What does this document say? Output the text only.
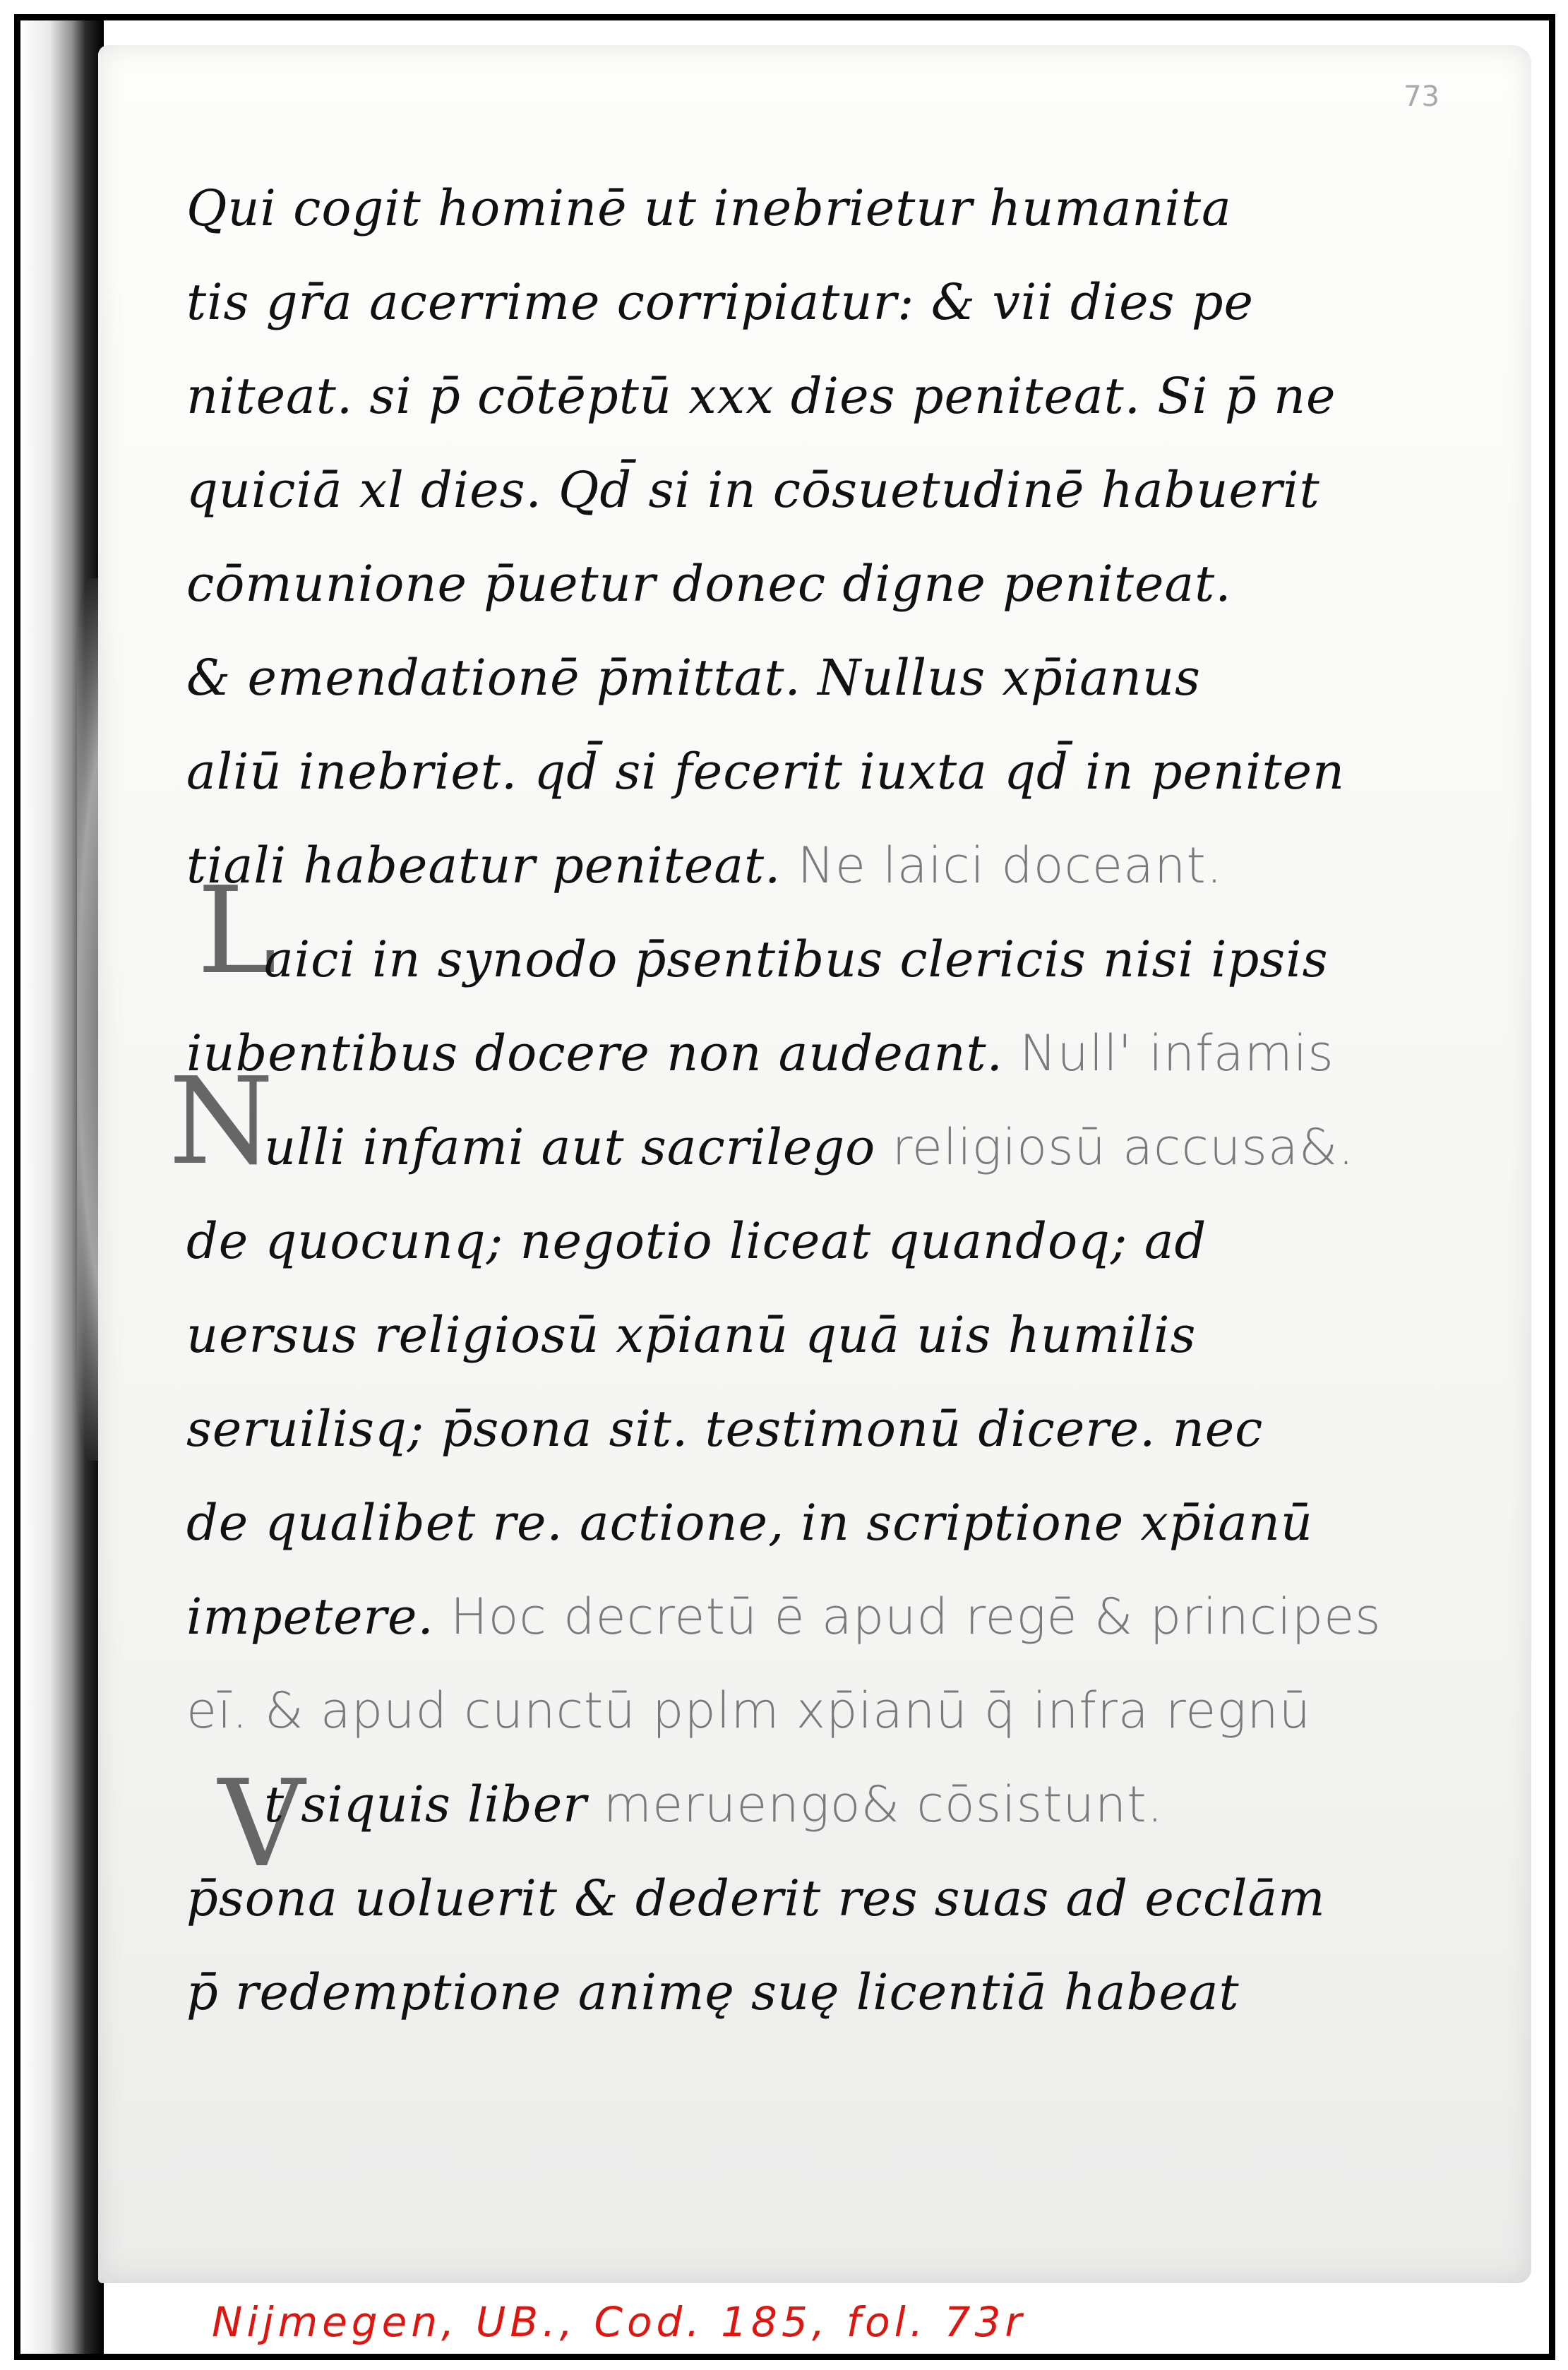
73
L
N
V
Qui cogit hominē ut inebrietur humanita
tis gr̄a acerrime corripiatur: & vii dies pe
niteat. si p̄ cōtēptū xxx dies peniteat. Si p̄ ne
quiciā xl dies. Qd̄ si in cōsuetudinē habuerit
cōmunione p̄uetur donec digne peniteat.
& emendationē p̄mittat. Nullus xp̄ianus
aliū inebriet. qd̄ si fecerit iuxta qd̄ in peniten
tiali habeatur peniteat. Ne laici doceant.
aici in synodo p̄sentibus clericis nisi ipsis
iubentibus docere non audeant. Null' infamis
ulli infami aut sacrilego religiosū accusa&.
de quocunq; negotio liceat quandoq; ad
uersus religiosū xp̄ianū quā uis humilis
seruilisq; p̄sona sit. testimonū dicere. nec
de qualibet re. actione, in scriptione xp̄ianū
impetere. Hoc decretū ē apud regē & principes
eī. & apud cunctū pplm xp̄ianū q̄ infra regnū
t siquis liber meruengo& cōsistunt.
p̄sona uoluerit & dederit res suas ad ecclām
p̄ redemptione animę suę licentiā habeat
Nijmegen, UB., Cod. 185, fol. 73r
